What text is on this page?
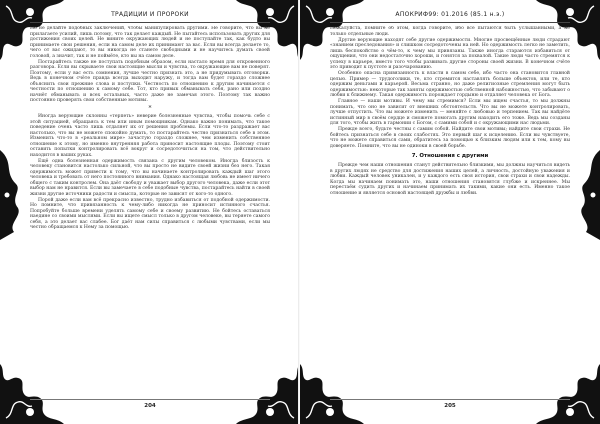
ТРАДИЦИИ И ПРОРОКИ

Но не делайте подобных заключений, чтобы манипулировать другими. Не говорите, что вы не прилагаете усилий, лишь потому, что так делает каждый. Не пытайтесь использовать других для достижения своих целей. Не вините окружающих людей и не поступайте так, как будто вы принимаете свои решения, если на самом деле их принимают за вас. Если вы всегда делаете то, чего от вас ожидают, то вы никогда не станете свободными и не научитесь думать своей головой, а значит, так и не поймёте, кто вы на самом деле.

Постарайтесь также не поступать подобным образом, если настало время для откровенного разговора. Если вы скрываете свои настоящие мысли и чувства, то окружающие вам не поверят. Поэтому, если у вас есть сомнения, лучше честно признать это, а не придумывать отговорки. Ведь в конечном счёте правда всегда выходит наружу, и тогда вам будет гораздо сложнее объяснить свои прежние слова и поступки. Честность по отношению к другим начинается с честности по отношению к самому себе. Тот, кто привык обманывать себя, рано или поздно начнёт обманывать и всех остальных, часто даже не замечая этого. Поэтому так важно постоянно проверять свои собственные мотивы.

*

Иногда верующие склонны «терпеть» неверие болезненные чувства, чтобы помочь себе с этой ситуацией, обращаясь к тем или иным помощникам. Однако важно понимать, что такое поведение очень часто лишь отдаляет их от решения проблемы. Если что-то раздражает вас настолько, что вы не можете спокойно думать, то постарайтесь честно признаться себе в этом. Изменить что-то в «реальном мире» зачастую гораздо сложнее, чем изменить собственное отношение к этому, но именно внутренняя работа приносит настоящие плоды. Поэтому стоит оставить попытки контролировать всё вокруг и сосредоточиться на том, что действительно находится в ваших руках.

Ещё одна болезненная одержимость связана с другим человеком. Иногда близость к человеку становится настолько сильной, что вы просто не видите своей жизни без него. Такая одержимость может привести к тому, что вы начинаете контролировать каждый шаг этого человека и требовать от него постоянного внимания. Однако настоящая любовь не имеет ничего общего с таким контролем. Она даёт свободу и уважает выбор другого человека, даже если этот выбор нам не нравится. Если вы замечаете в себе подобные чувства, постарайтесь найти в своей жизни другие источники радости и смысла, которые не зависят от кого-то одного.

Порой даже если вам всё прекрасно известно, трудно избавиться от подобной одержимости. Но помните, что привязанность к чему-либо никогда не приносит истинного счастья. Попробуйте больше времени уделять самому себе и своему развитию. Не бойтесь оставаться наедине со своими мыслями. Если вы ищете смысл только в другом человеке, вы теряете самого себя, а это делает вас слабее. Бог даёт нам силы справиться с любыми чувствами, если мы честно обращаемся к Нему за помощью.

204
АПОКРИФ99: 01.2016 (85.1 н.э.)

Пожалуйста, помните об этом, когда говорите, ибо все пытаются быть услышанными, а не только отдельные люди.

Другие верующие находят себе другие одержимости. Многие просвещённые люди страдают «знанием преследования» и слишком сосредоточены на ней. Но одержимость легко не заметить, лишь беспокойство о чём-то, к чему мы привязаны. Также иногда стараются избавиться от ощущения, что они недостаточно хороши, и гонятся за похвалой. Такие люди часто стремятся к успеху в карьере, вместо того чтобы развивать другие стороны своей жизни. В конечном счёте это приводит к пустоте и разочарованию.

Особенно опасна привязанность к власти в самом себе, ибо часто она становится главной целью. Пример — трудоголики, те, кто стремится наставлять больше объектов, или те, кто одержим деньгами и карьерой. Весьма странно, но даже религиозные стремления могут быть одержимостью: некоторые так заняты одержимостью собственной набожностью, что забывают о любви к ближнему. Такая одержимость порождает гордыню и отдаляет человека от Бога.

Главное — наши мотивы. И чему мы стремимся? Если мы ищем счастья, то мы должны понимать, что оно не зависит от внешних обстоятельств. Что вы не можете контролировать, лучше отпустить. Что вы можете изменить — меняйте с любовью и терпением. Так вы найдёте истинный мир в своём сердце и сможете помогать другим находить его тоже. Ведь мы созданы для того, чтобы жить в гармонии с Богом, с самими собой и с окружающими нас людьми.

Прежде всего, будьте честны с самим собой. Найдите свои мотивы; найдите свои страхи. Не бойтесь признаться себе в своих слабостях. Это первый шаг к исцелению. Если вы чувствуете, что не можете справиться сами, обратитесь за помощью к близким людям или к тем, кому вы доверяете. Помните, что вы не одиноки в своей борьбе.

7. Отношения с другими

Прежде чем наши отношения станут действительно близкими, мы должны научиться видеть в других людях не средство для достижения наших целей, а личность, достойную уважения и любви. Каждый человек уникален, и у каждого есть своя история, свои страхи и свои надежды. Когда мы начинаем понимать это, наши отношения становятся глубже и искреннее. Мы перестаём судить других и начинаем принимать их такими, какие они есть. Именно такое отношение и является основой настоящей дружбы и любви.

205
